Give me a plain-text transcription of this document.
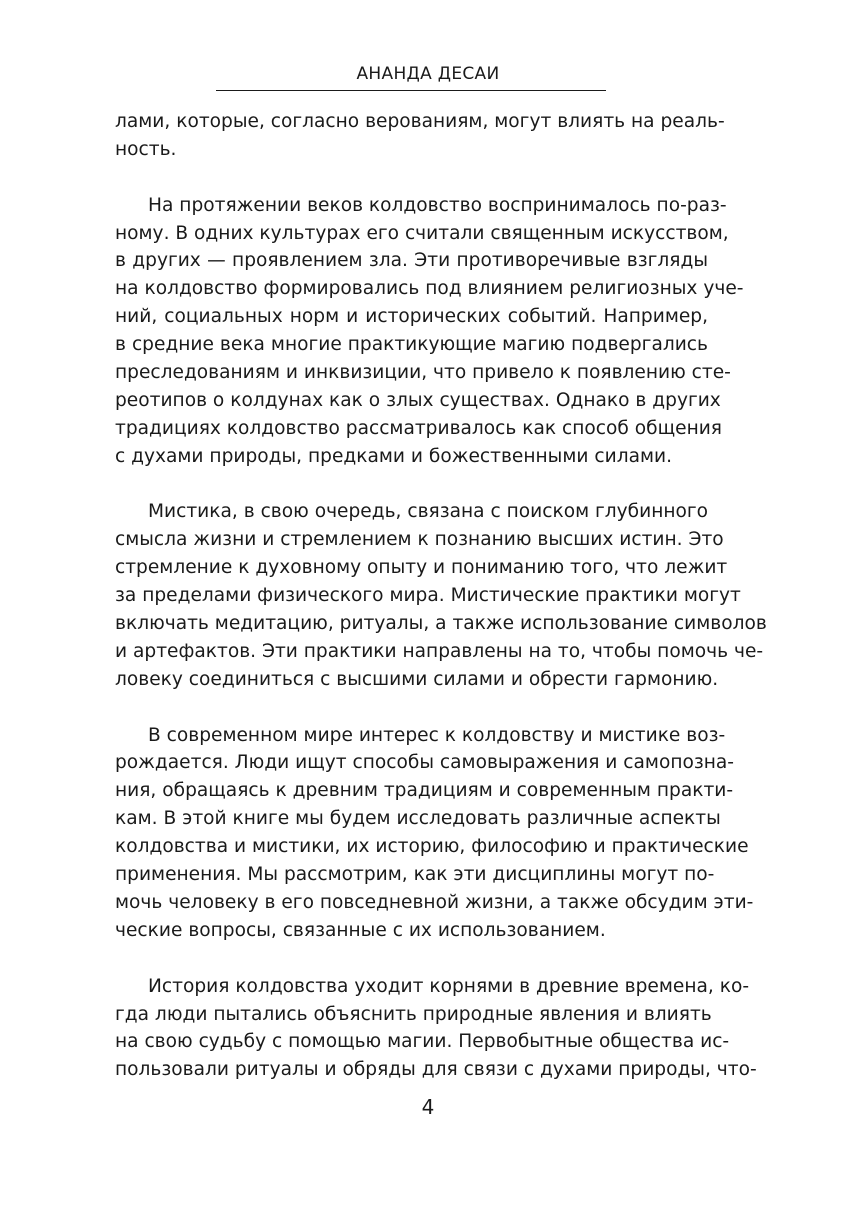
АНАНДА ДЕСАИ
лами, которые, согласно верованиям, могут влиять на реаль-
ность.
На протяжении веков колдовство воспринималось по-раз-
ному. В одних культурах его считали священным искусством,
в других — проявлением зла. Эти противоречивые взгляды
на колдовство формировались под влиянием религиозных уче-
ний, социальных норм и исторических событий. Например,
в средние века многие практикующие магию подвергались
преследованиям и инквизиции, что привело к появлению сте-
реотипов о колдунах как о злых существах. Однако в других
традициях колдовство рассматривалось как способ общения
с духами природы, предками и божественными силами.
Мистика, в свою очередь, связана с поиском глубинного
смысла жизни и стремлением к познанию высших истин. Это
стремление к духовному опыту и пониманию того, что лежит
за пределами физического мира. Мистические практики могут
включать медитацию, ритуалы, а также использование символов
и артефактов. Эти практики направлены на то, чтобы помочь че-
ловеку соединиться с высшими силами и обрести гармонию.
В современном мире интерес к колдовству и мистике воз-
рождается. Люди ищут способы самовыражения и самопозна-
ния, обращаясь к древним традициям и современным практи-
кам. В этой книге мы будем исследовать различные аспекты
колдовства и мистики, их историю, философию и практические
применения. Мы рассмотрим, как эти дисциплины могут по-
мочь человеку в его повседневной жизни, а также обсудим эти-
ческие вопросы, связанные с их использованием.
История колдовства уходит корнями в древние времена, ко-
гда люди пытались объяснить природные явления и влиять
на свою судьбу с помощью магии. Первобытные общества ис-
пользовали ритуалы и обряды для связи с духами природы, что-
4
